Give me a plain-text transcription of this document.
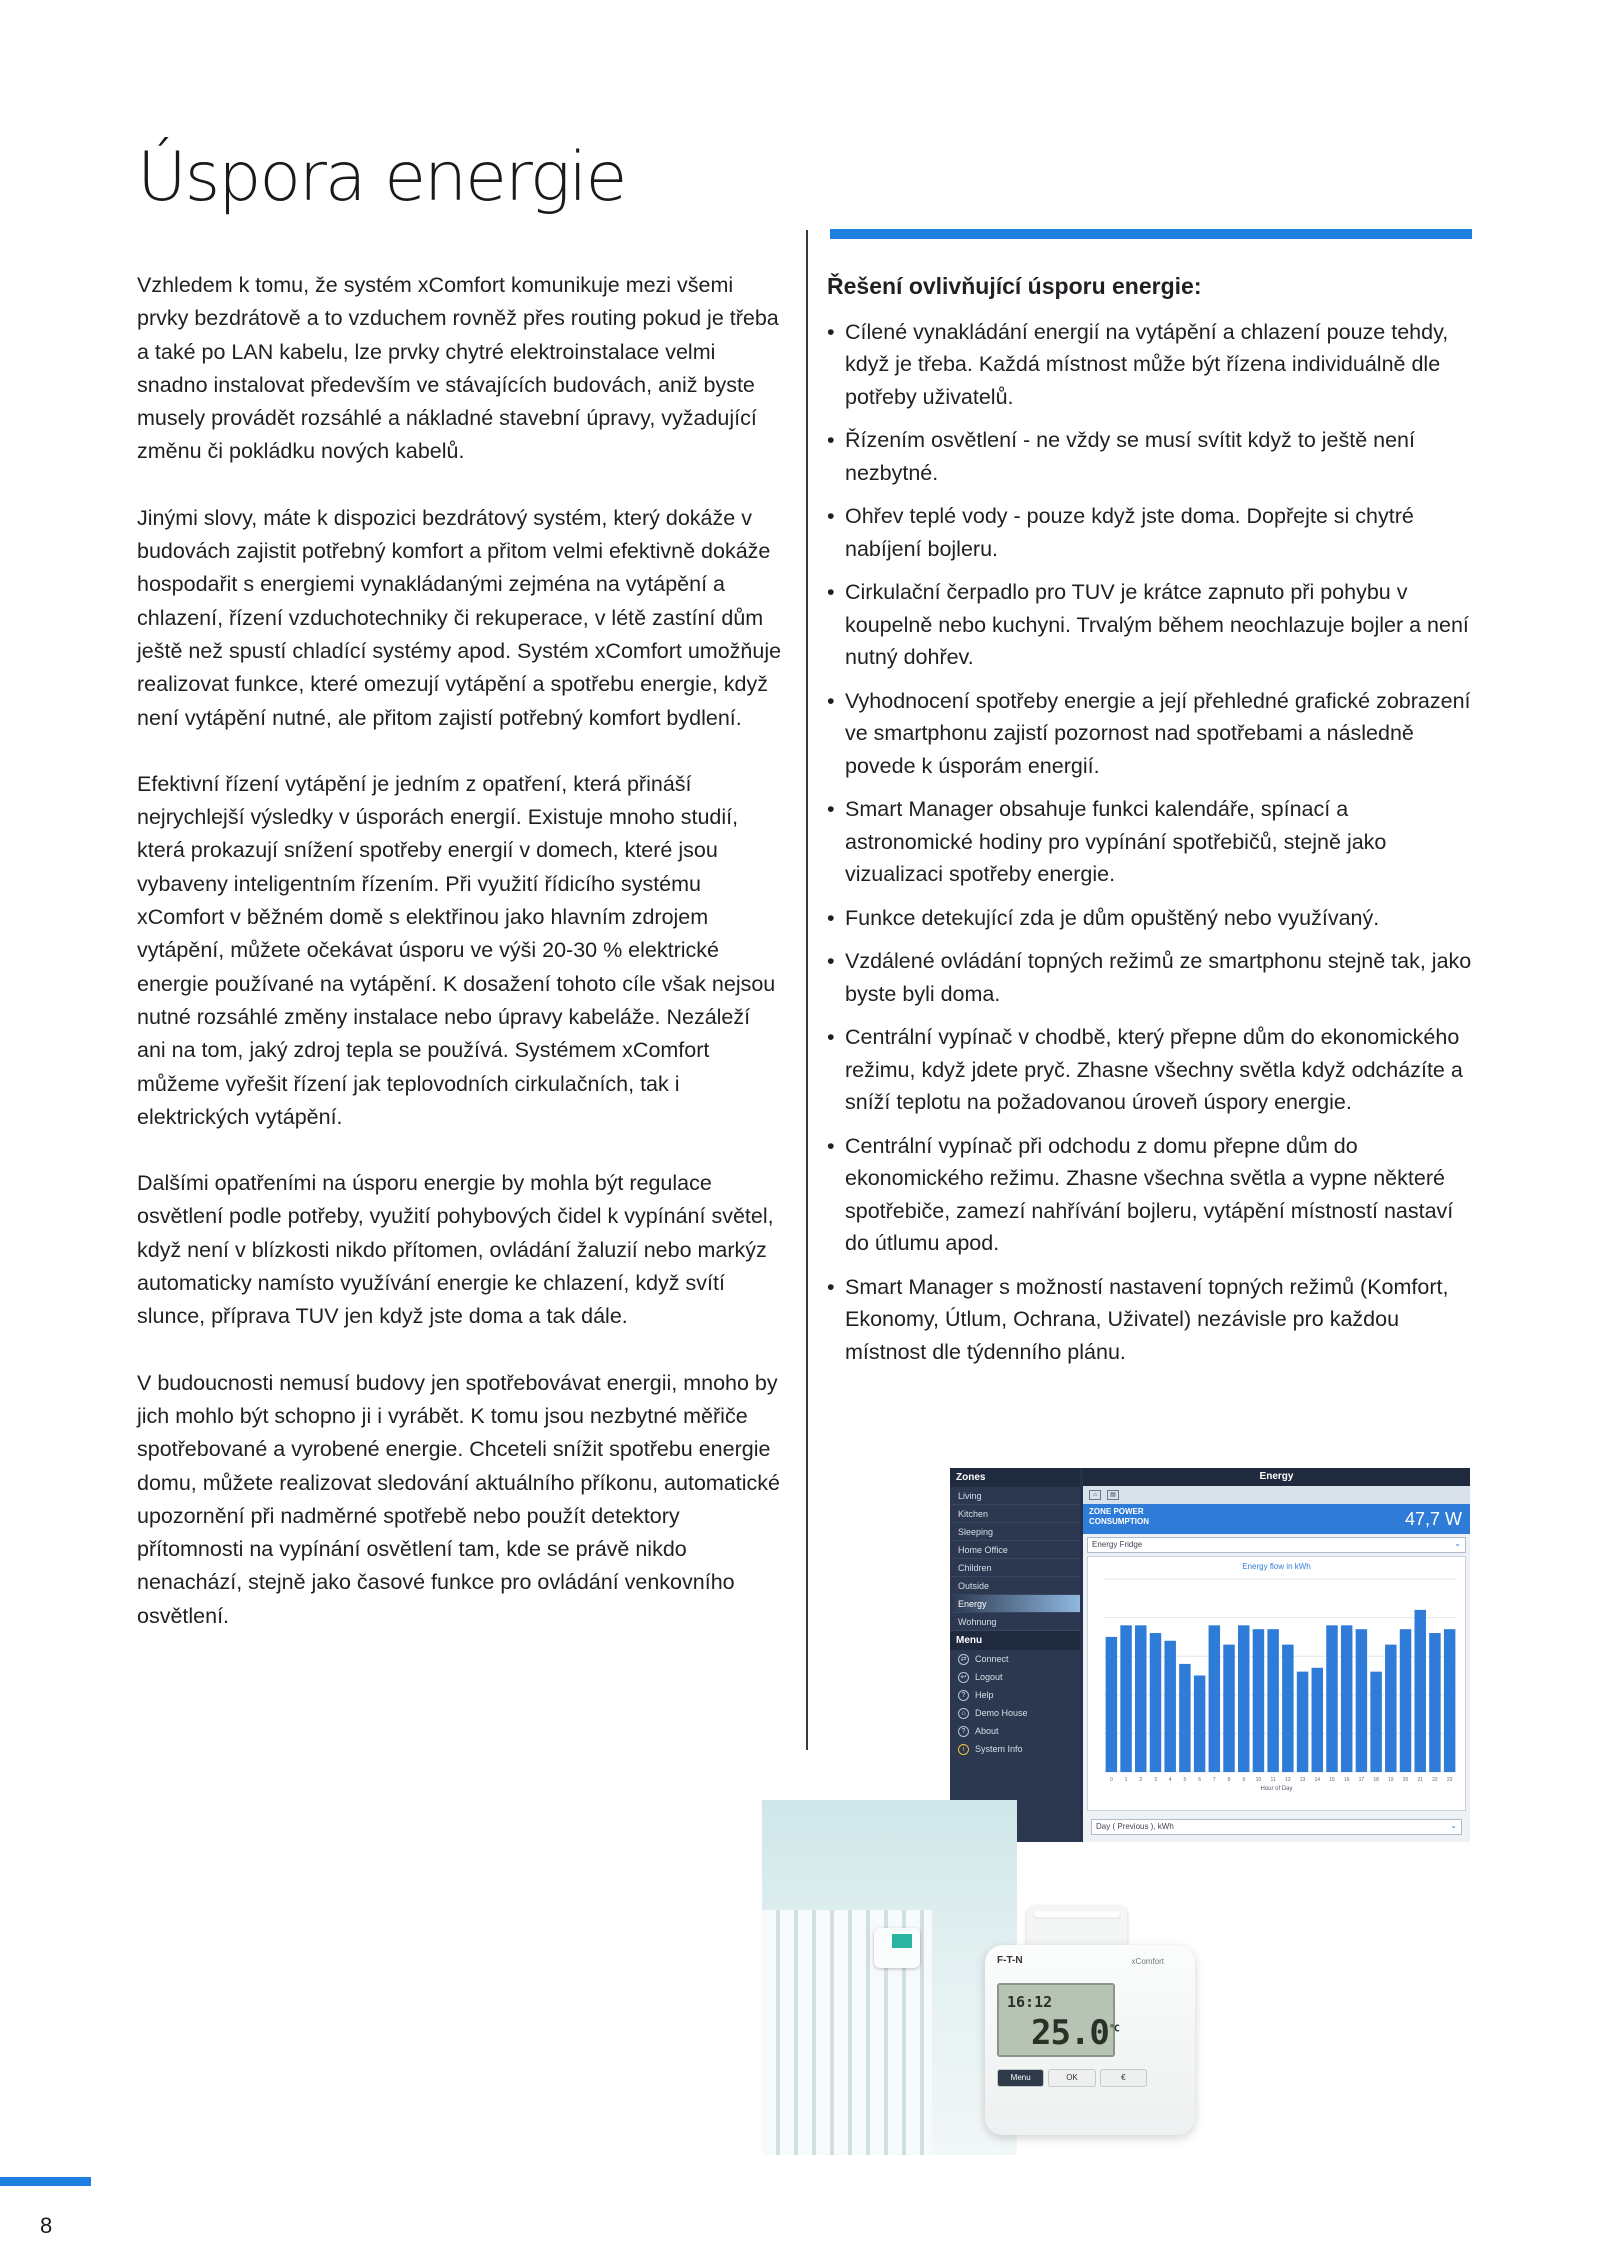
Úspora energie

Vzhledem k tomu, že systém xComfort komunikuje mezi všemi prvky bezdrátově a to vzduchem rovněž přes routing pokud je třeba a také po LAN kabelu, lze prvky chytré elektroinstalace velmi snadno instalovat především ve stávajících budovách, aniž byste musely provádět rozsáhlé a nákladné stavební úpravy, vyžadující změnu či pokládku nových kabelů.

Jinými slovy, máte k dispozici bezdrátový systém, který dokáže v budovách zajistit potřebný komfort a přitom velmi efektivně dokáže hospodařit s energiemi vynakládanými zejména na vytápění a chlazení, řízení vzduchotechniky či rekuperace, v létě zastíní dům ještě než spustí chladící systémy apod. Systém xComfort umožňuje realizovat funkce, které omezují vytápění a spotřebu energie, když není vytápění nutné, ale přitom zajistí potřebný komfort bydlení.

Efektivní řízení vytápění je jedním z opatření, která přináší nejrychlejší výsledky v úsporách energií. Existuje mnoho studií, která prokazují snížení spotřeby energií v domech, které jsou vybaveny inteligentním řízením. Při využití řídicího systému xComfort v běžném domě s elektřinou jako hlavním zdrojem vytápění, můžete očekávat úsporu ve výši 20-30 % elektrické energie používané na vytápění. K dosažení tohoto cíle však nejsou nutné rozsáhlé změny instalace nebo úpravy kabeláže. Nezáleží ani na tom, jaký zdroj tepla se používá. Systémem xComfort můžeme vyřešit řízení jak teplovodních cirkulačních, tak i elektrických vytápění.

Dalšími opatřeními na úsporu energie by mohla být regulace osvětlení podle potřeby, využití pohybových čidel k vypínání světel, když není v blízkosti nikdo přítomen, ovládání žaluzií nebo markýz automaticky namísto využívání energie ke chlazení, když svítí slunce, příprava TUV jen když jste doma a tak dále.

V budoucnosti nemusí budovy jen spotřebovávat energii, mnoho by jich mohlo být schopno ji i vyrábět. K tomu jsou nezbytné měřiče spotřebované a vyrobené energie. Chceteli snížit spotřebu energie domu, můžete realizovat sledování aktuálního příkonu, automatické upozornění při nadměrné spotřebě nebo použít detektory přítomnosti na vypínání osvětlení tam, kde se právě nikdo nenachází, stejně jako časové funkce pro ovládání venkovního osvětlení.

Řešení ovlivňující úsporu energie:
• Cílené vynakládání energií na vytápění a chlazení pouze tehdy, když je třeba. Každá místnost může být řízena individuálně dle potřeby uživatelů.
• Řízením osvětlení - ne vždy se musí svítit když to ještě není nezbytné.
• Ohřev teplé vody - pouze když jste doma. Dopřejte si chytré nabíjení bojleru.
• Cirkulační čerpadlo pro TUV je krátce zapnuto při pohybu v koupelně nebo kuchyni. Trvalým během neochlazuje bojler a není nutný dohřev.
• Vyhodnocení spotřeby energie a její přehledné grafické zobrazení ve smartphonu zajistí pozornost nad spotřebami a následně povede k úsporám energií.
• Smart Manager obsahuje funkci kalendáře, spínací a astronomické hodiny pro vypínání spotřebičů, stejně jako vizualizaci spotřeby energie.
• Funkce detekující zda je dům opuštěný nebo využívaný.
• Vzdálené ovládání topných režimů ze smartphonu stejně tak, jako byste byli doma.
• Centrální vypínač v chodbě, který přepne dům do ekonomického režimu, když jdete pryč. Zhasne všechny světla když odcházíte a sníží teplotu na požadovanou úroveň úspory energie.
• Centrální vypínač při odchodu z domu přepne dům do ekonomického režimu. Zhasne všechna světla a vypne některé spotřebiče, zamezí nahřívání bojleru, vytápění místností nastaví do útlumu apod.
• Smart Manager s možností nastavení topných režimů (Komfort, Ekonomy, Útlum, Ochrana, Uživatel) nezávisle pro každou místnost dle týdenního plánu.
Zones
Living
Kitchen
Sleeping
Home Office
Children
Outside
Energy
Wohnung
Menu
⇄ Connect
↩ Logout
?	Help
⌂	Demo House
?	About
i	System Info
Energy
⌂	▤
ZONE POWER CONSUMPTION	47,7 W
Energy Fridge	⌄
Energy flow in kWh
0 1 2 3 4 5 6 7 8 9 10 11 12 13 14 15 16 17 18 19 20 21 22 23
Hour of Day
Day ( Previous ), kWh	⌄
F-T-N	xComfort
16:12
$25.0^{^\circ C}$
Menu	OK	€
8
